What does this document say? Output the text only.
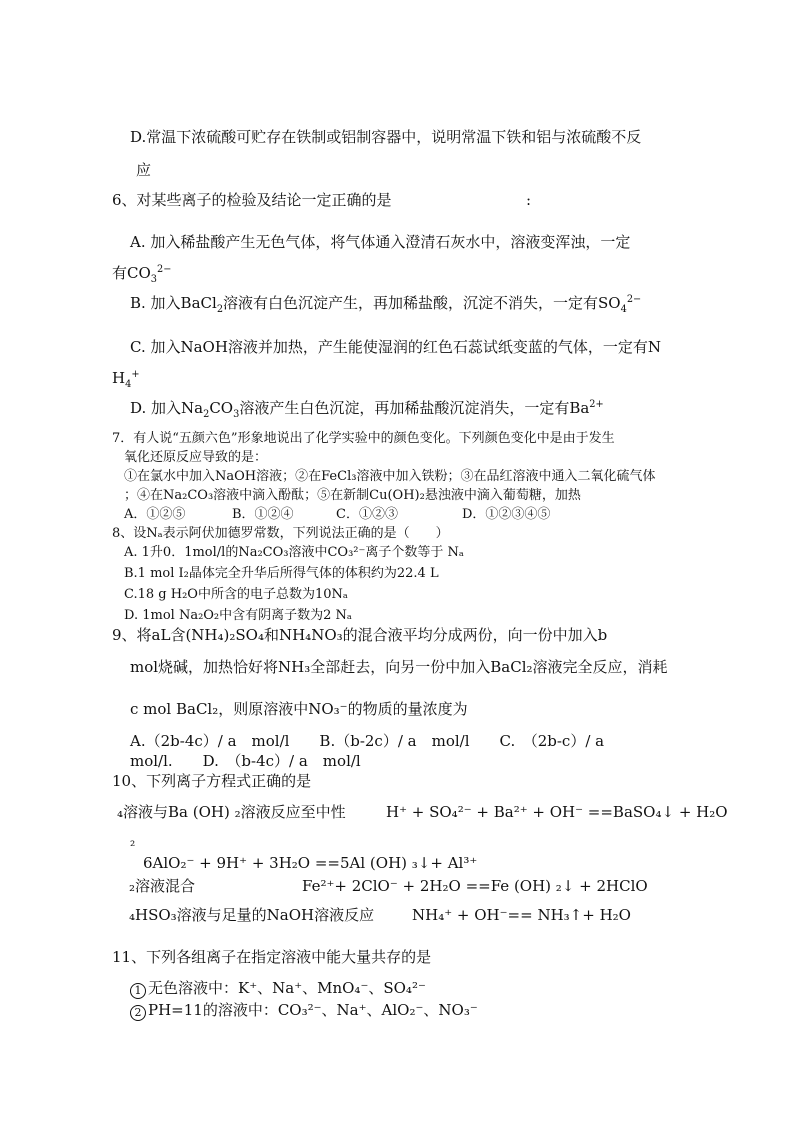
D.常温下浓硫酸可贮存在铁制或铝制容器中，说明常温下铁和铝与浓硫酸不反
应
6、对某些离子的检验及结论一定正确的是	:
A. 加入稀盐酸产生无色气体，将气体通入澄清石灰水中，溶液变浑浊，一定
有$CO_3^{2-}$
B. 加入BaCl$_2$溶液有白色沉淀产生，再加稀盐酸，沉淀不消失，一定有$SO_4^{2-}$
C. 加入NaOH溶液并加热，产生能使湿润的红色石蕊试纸变蓝的气体，一定有N
$H_4^+$
D. 加入$Na_2CO_3$溶液产生白色沉淀，再加稀盐酸沉淀消失，一定有$Ba^{2+}$
7．有人说“五颜六色”形象地说出了化学实验中的颜色变化。下列颜色变化中是由于发生
氧化还原反应导致的是：
①在氯水中加入NaOH溶液；②在FeCl₃溶液中加入铁粉；③在品红溶液中通入二氧化硫气体
；④在Na₂CO₃溶液中滴入酚酞；⑤在新制Cu(OH)₂悬浊液中滴入葡萄糖，加热
A．①②⑤	B．①②④	C．①②③	D．①②③④⑤
8、设Nₐ表示阿伏加德罗常数，下列说法正确的是（　　）
A. 1升0．1mol/l的Na₂CO₃溶液中CO₃²⁻离子个数等于 Nₐ
B.1 mol I₂晶体完全升华后所得气体的体积约为22.4 L
C.18 g H₂O中所含的电子总数为10Nₐ
D. 1mol Na₂O₂中含有阴离子数为2 Nₐ
9、将aL含(NH₄)₂SO₄和NH₄NO₃的混合液平均分成两份，向一份中加入b
mol烧碱，加热恰好将NH₃全部赶去，向另一份中加入BaCl₂溶液完全反应，消耗
c mol BaCl₂，则原溶液中NO₃⁻的物质的量浓度为
A.（2b-4c）/ a　mol/l　　B.（b-2c）/ a　mol/l　　C.　（2b-c）/ a
mol/l.　　D.　（b-4c）/ a　mol/l
10、下列离子方程式正确的是
₄溶液与Ba (OH) ₂溶液反应至中性	H⁺ + SO₄²⁻ + Ba²⁺ + OH⁻ ==BaSO₄↓ + H₂O
²
6AlO₂⁻ + 9H⁺ + 3H₂O ==5Al (OH) ₃↓+ Al³⁺
₂溶液混合	Fe²⁺+ 2ClO⁻ + 2H₂O ==Fe (OH) ₂↓ + 2HClO
₄HSO₃溶液与足量的NaOH溶液反应	NH₄⁺ + OH⁻== NH₃↑+ H₂O
11、下列各组离子在指定溶液中能大量共存的是
1 无色溶液中：K⁺、Na⁺、MnO₄⁻、SO₄²⁻
2 PH=11的溶液中：CO₃²⁻、Na⁺、AlO₂⁻、NO₃⁻
